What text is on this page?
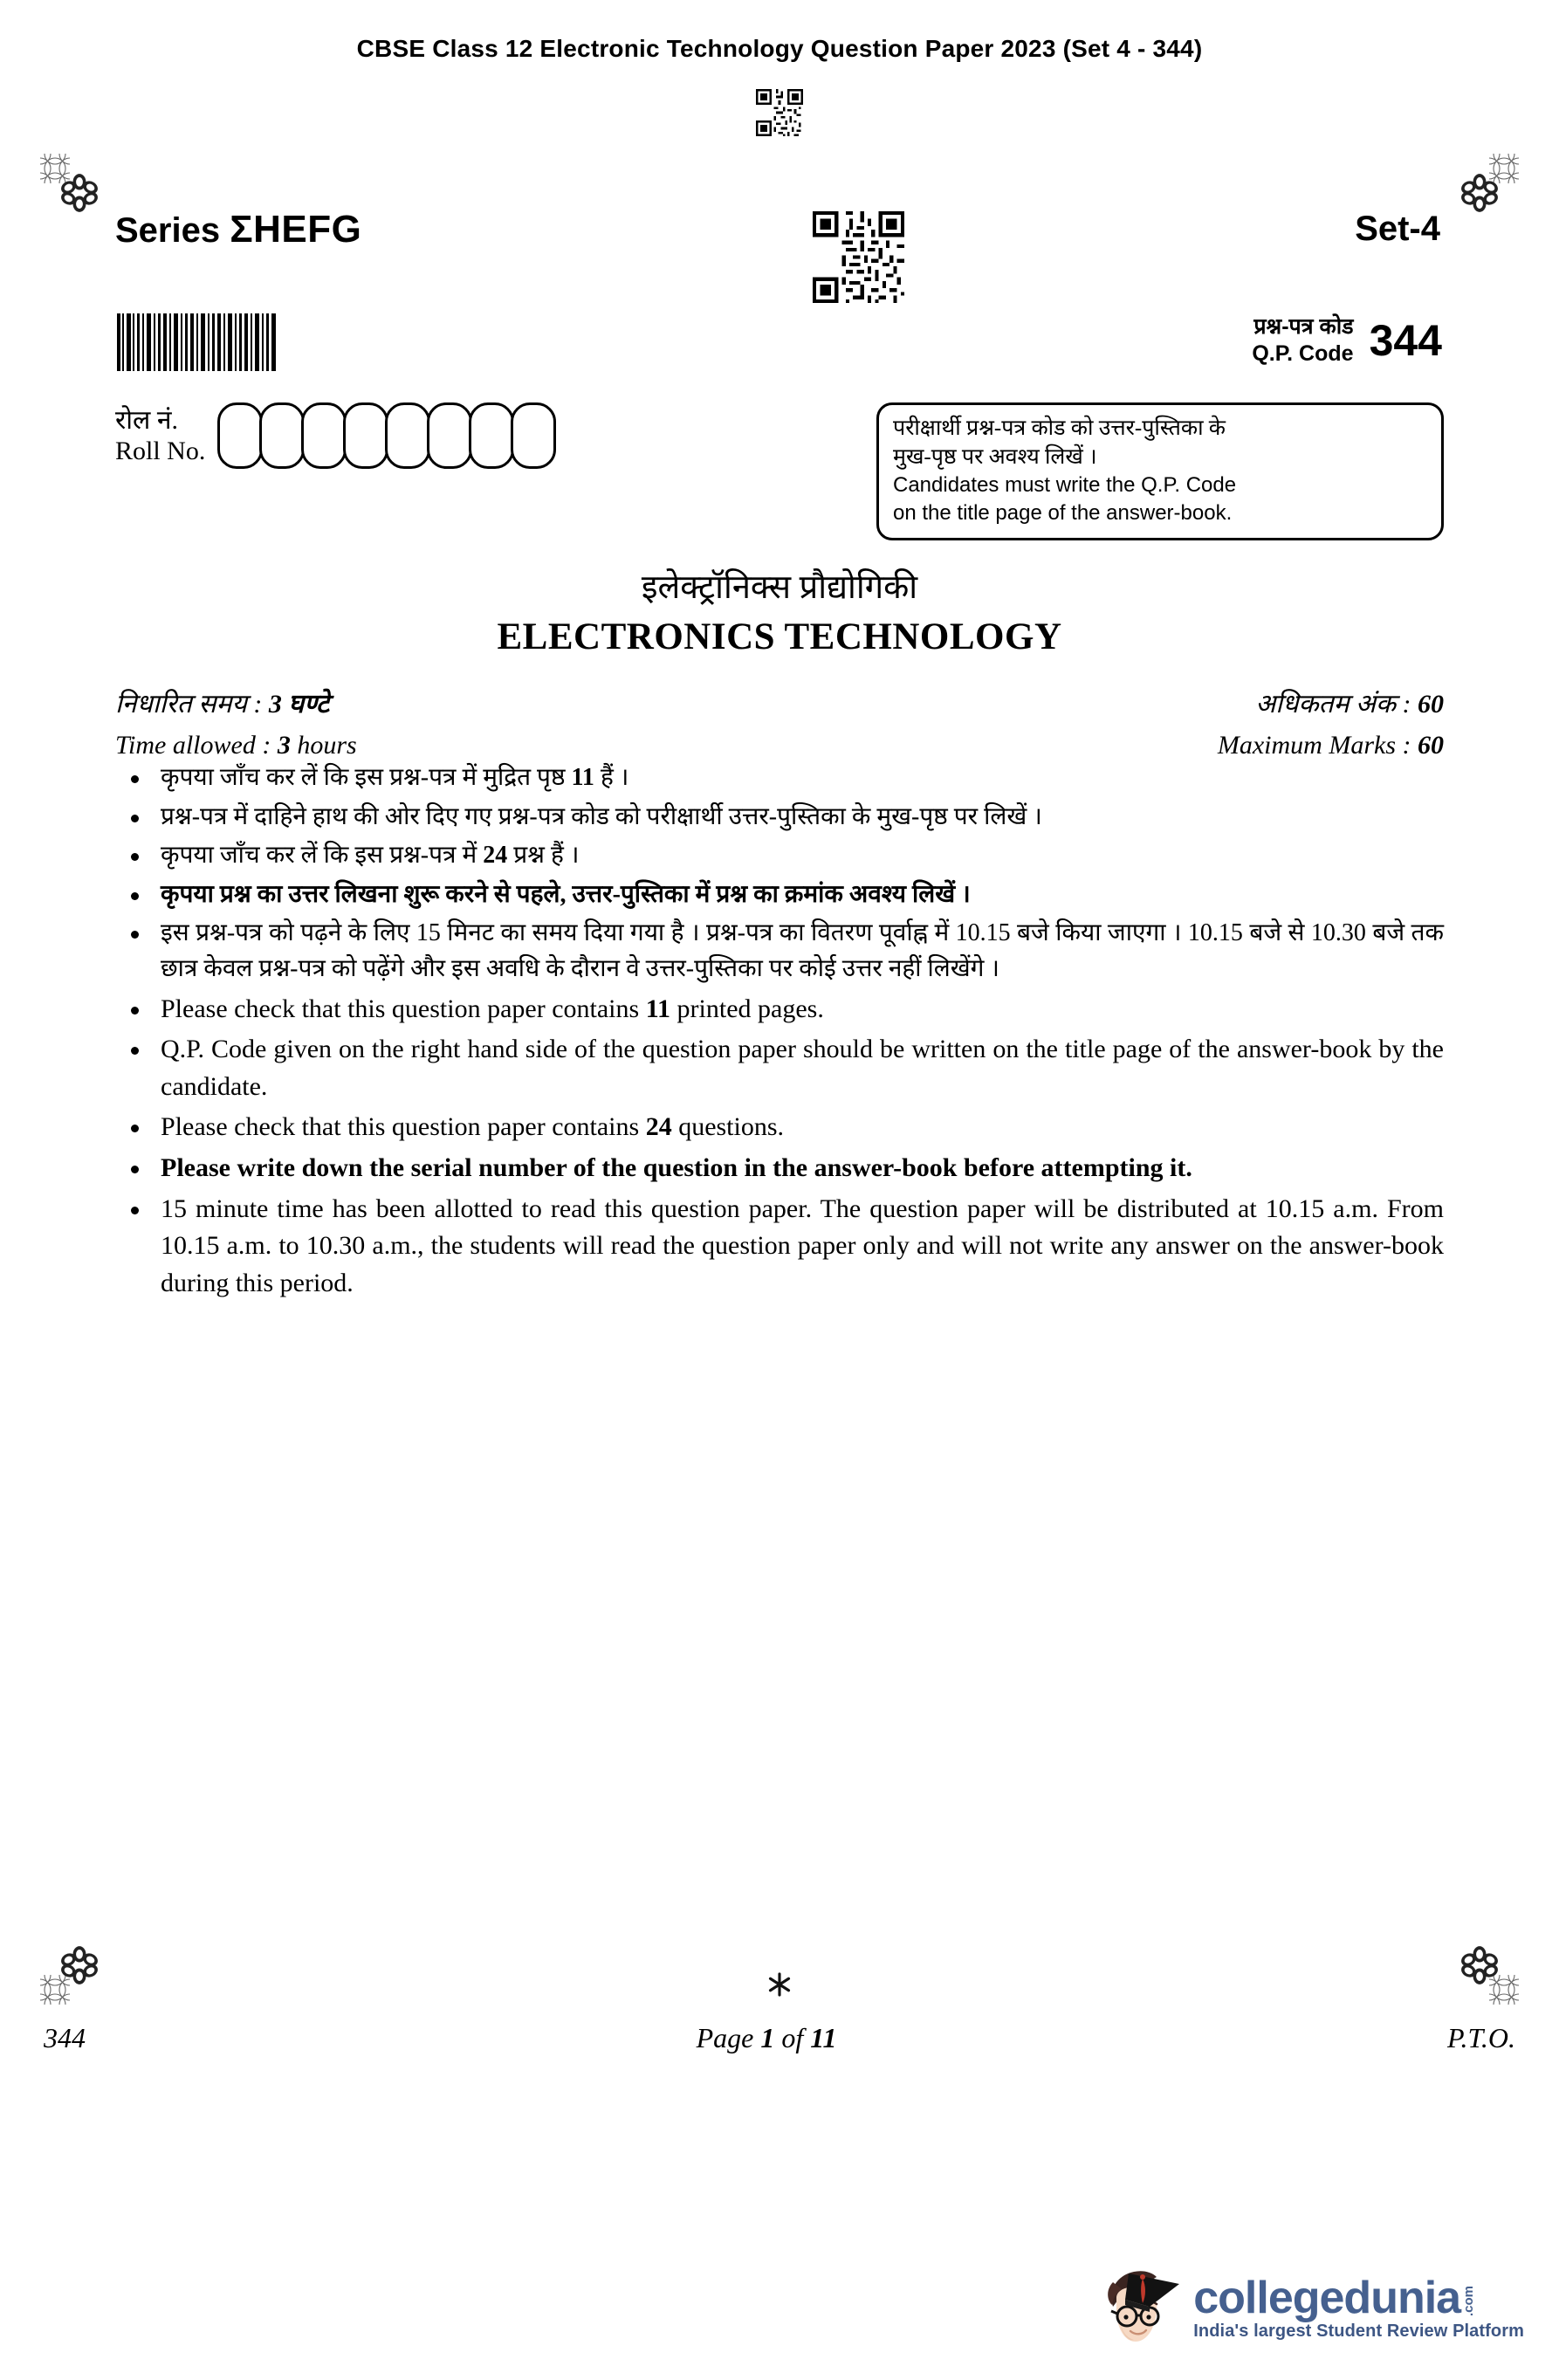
CBSE Class 12 Electronic Technology Question Paper 2023 (Set 4 - 344)
Series ΣHEFG	Set-4
प्रश्न-पत्र कोड
Q.P. Code 344
रोल नं.
Roll No.
परीक्षार्थी प्रश्न-पत्र कोड को उत्तर-पुस्तिका के
मुख-पृष्ठ पर अवश्य लिखें ।
Candidates must write the Q.P. Code
on the title page of the answer-book.
इलेक्ट्रॉनिक्स प्रौद्योगिकी
ELECTRONICS TECHNOLOGY
निधारित समय : 3 घण्टे	अधिकतम अंक : 60
Time allowed : 3 hours	Maximum Marks : 60
कृपया जाँच कर लें कि इस प्रश्न-पत्र में मुद्रित पृष्ठ 11 हैं ।
प्रश्न-पत्र में दाहिने हाथ की ओर दिए गए प्रश्न-पत्र कोड को परीक्षार्थी उत्तर-पुस्तिका के मुख-पृष्ठ पर लिखें ।
कृपया जाँच कर लें कि इस प्रश्न-पत्र में 24 प्रश्न हैं ।
कृपया प्रश्न का उत्तर लिखना शुरू करने से पहले, उत्तर-पुस्तिका में प्रश्न का क्रमांक अवश्य लिखें ।
इस प्रश्न-पत्र को पढ़ने के लिए 15 मिनट का समय दिया गया है । प्रश्न-पत्र का वितरण पूर्वाह्न में 10.15 बजे किया जाएगा । 10.15 बजे से 10.30 बजे तक छात्र केवल प्रश्न-पत्र को पढ़ेंगे और इस अवधि के दौरान वे उत्तर-पुस्तिका पर कोई उत्तर नहीं लिखेंगे ।
Please check that this question paper contains 11 printed pages.
Q.P. Code given on the right hand side of the question paper should be written on the title page of the answer-book by the candidate.
Please check that this question paper contains 24 questions.
Please write down the serial number of the question in the answer-book before attempting it.
15 minute time has been allotted to read this question paper. The question paper will be distributed at 10.15 a.m. From 10.15 a.m. to 10.30 a.m., the students will read the question paper only and will not write any answer on the answer-book during this period.
344	Page 1 of 11	P.T.O.
collegedunia .com
India's largest Student Review Platform
